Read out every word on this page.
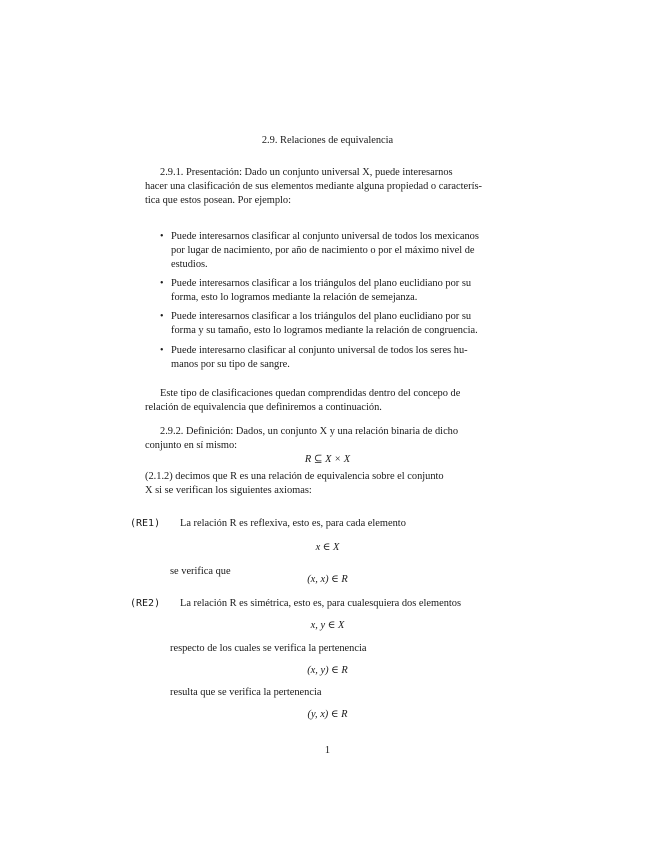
2.9. Relaciones de equivalencia
2.9.1. Presentación: Dado un conjunto universal X, puede interesarnos
hacer una clasificación de sus elementos mediante alguna propiedad o caracterís-
tica que estos posean. Por ejemplo:
• Puede interesarnos clasificar al conjunto universal de todos los mexicanos
por lugar de nacimiento, por año de nacimiento o por el máximo nivel de
estudios.
• Puede interesarnos clasificar a los triángulos del plano euclidiano por su
forma, esto lo logramos mediante la relación de semejanza.
• Puede interesarnos clasificar a los triángulos del plano euclidiano por su
forma y su tamaño, esto lo logramos mediante la relación de congruencia.
• Puede interesarno clasificar al conjunto universal de todos los seres hu-
manos por su tipo de sangre.
Este tipo de clasificaciones quedan comprendidas dentro del concepo de
relación de equivalencia que definiremos a continuación.
2.9.2. Definición: Dados, un conjunto X y una relación binaria de dicho
conjunto en sí mismo:
R ⊆ X × X
(2.1.2) decimos que R es una relación de equivalencia sobre el conjunto
X si se verifican los siguientes axiomas:
(RE1) La relación R es reflexiva, esto es, para cada elemento
x ∈ X
se verifica que
(x, x) ∈ R
(RE2) La relación R es simétrica, esto es, para cualesquiera dos elementos
x, y ∈ X
respecto de los cuales se verifica la pertenencia
(x, y) ∈ R
resulta que se verifica la pertenencia
(y, x) ∈ R
1
